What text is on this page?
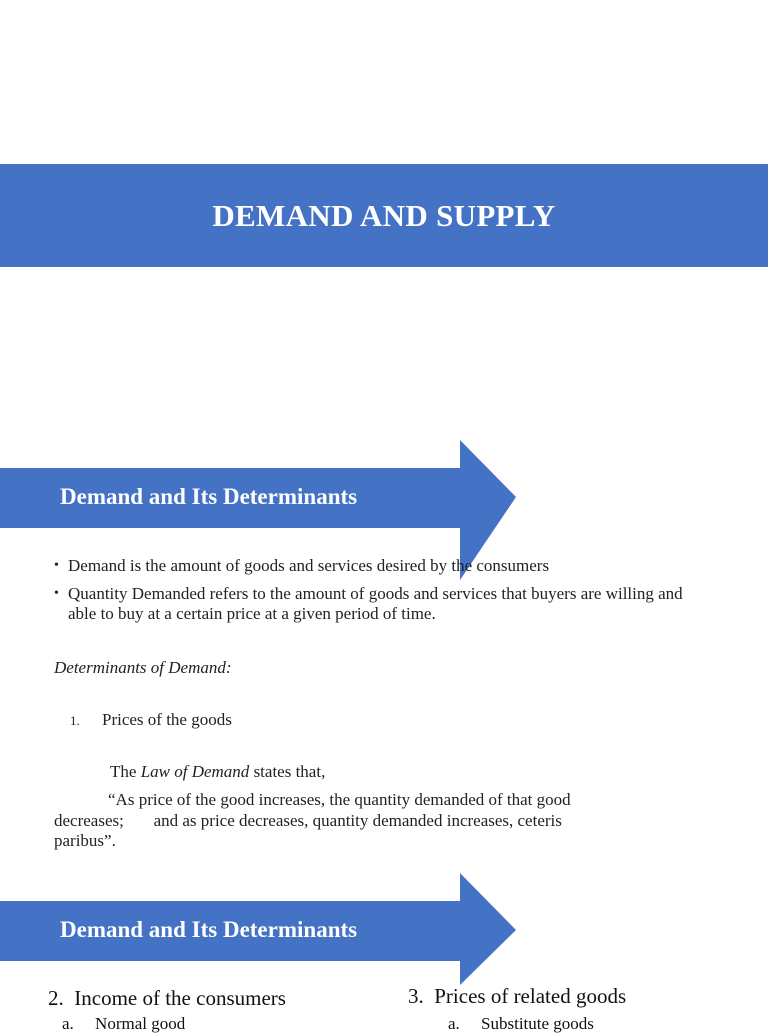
DEMAND AND SUPPLY
Demand and Its Determinants
• Demand is the amount of goods and services desired by the consumers
• Quantity Demanded refers to the amount of goods and services that buyers are willing and able to buy at a certain price at a given period of time.
Determinants of Demand:
1. Prices of the goods
The Law of Demand states that,
“As price of the good increases, the quantity demanded of that good
decreases;       and as price decreases, quantity demanded increases, ceteris
paribus”.
Demand and Its Determinants
2.  Income of the consumers
a.     Normal good
3.  Prices of related goods
a.     Substitute goods
